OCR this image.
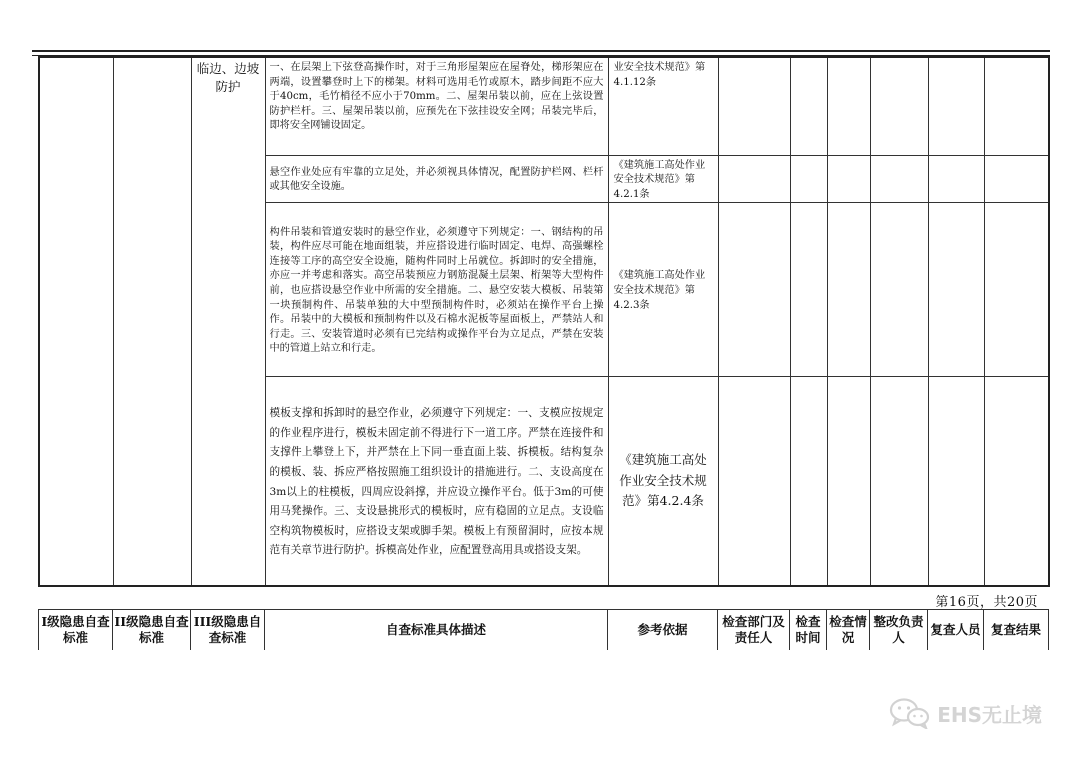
		临边、边坡防护	一、在层架上下弦登高操作时，对于三角形屋架应在屋脊处，梯形架应在两端，设置攀登时上下的梯架。材料可选用毛竹或原木，踏步间距不应大于40cm，毛竹梢径不应小于70mm。二、屋架吊装以前，应在上弦设置防护栏杆。三、屋架吊装以前，应预先在下弦挂设安全网；吊装完毕后，即将安全网铺设固定。	业安全技术规范》第4.1.12条						
			悬空作业处应有牢靠的立足处，并必须视具体情况，配置防护栏网、栏杆或其他安全设施。	《建筑施工高处作业安全技术规范》第4.2.1条						
			构件吊装和管道安装时的悬空作业，必须遵守下列规定：一、钢结构的吊装，构件应尽可能在地面组装，并应搭设进行临时固定、电焊、高强螺栓连接等工序的高空安全设施，随构件同时上吊就位。拆卸时的安全措施，亦应一并考虑和落实。高空吊装预应力钢筋混凝土层架、桁架等大型构件前，也应搭设悬空作业中所需的安全措施。二、悬空安装大模板、吊装第一块预制构件、吊装单独的大中型预制构件时，必须站在操作平台上操作。吊装中的大模板和预制构件以及石棉水泥板等屋面板上，严禁站人和行走。三、安装管道时必须有已完结构或操作平台为立足点，严禁在安装中的管道上站立和行走。	《建筑施工高处作业安全技术规范》第4.2.3条						
			模板支撑和拆卸时的悬空作业，必须遵守下列规定：一、支模应按规定的作业程序进行，模板未固定前不得进行下一道工序。严禁在连接件和支撑件上攀登上下，并严禁在上下同一垂直面上装、拆模板。结构复杂的模板、装、拆应严格按照施工组织设计的措施进行。二、支设高度在3m以上的柱模板，四周应设斜撑，并应设立操作平台。低于3m的可使用马凳操作。三、支设悬挑形式的模板时，应有稳固的立足点。支设临空构筑物模板时，应搭设支架或脚手架。模板上有预留洞时，应按本规范有关章节进行防护。拆模高处作业，应配置登高用具或搭设支架。	《建筑施工高处作业安全技术规范》第4.2.4条						
第16页，共20页
I级隐患自查标准	II级隐患自查标准	III级隐患自查标准	自查标准具体描述	参考依据	检查部门及责任人	检查时间	检查情况	整改负责人	复查人员	复查结果
EHS无止境
